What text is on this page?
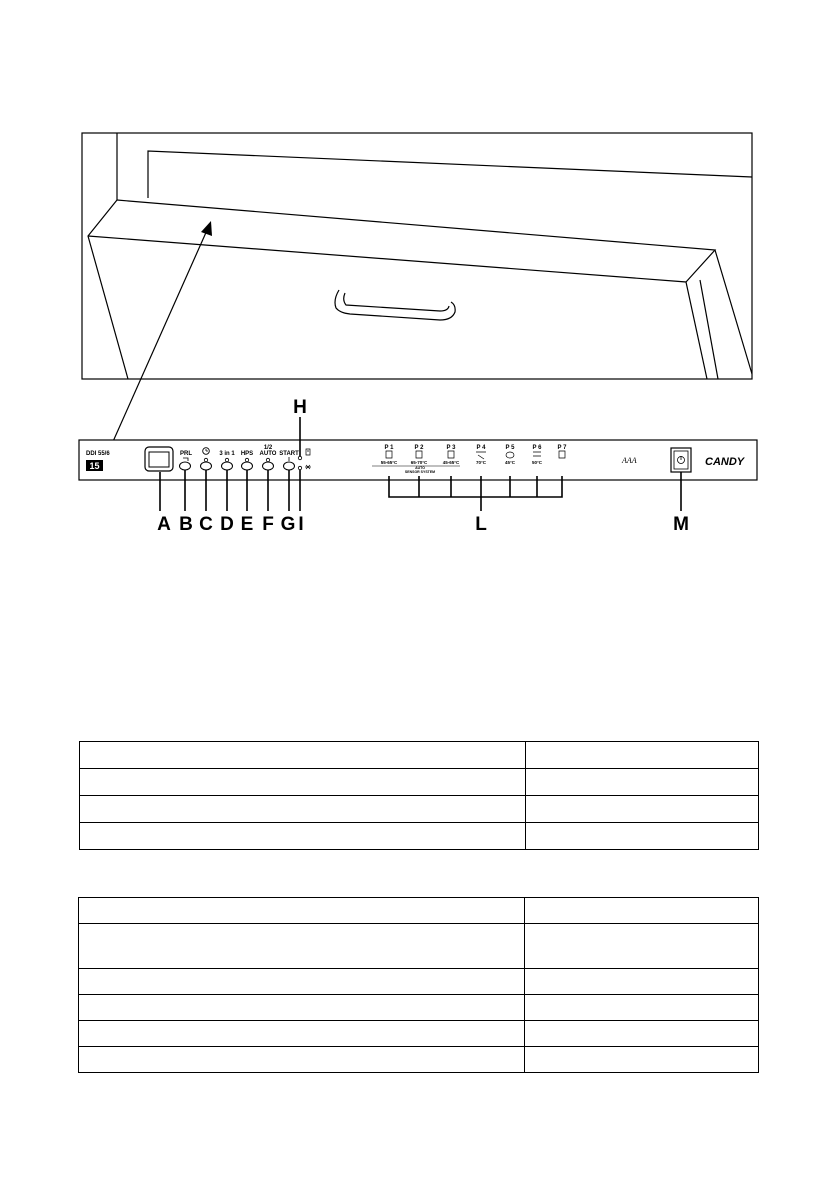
DDI 55/6
15
PRL	3 in 1 HPS
1/2
AUTO START
P 1	P 2	P 3	P 4	P 5	P 6	P 7
55-65°C	65-70°C	45-65°C	70°C	45°C	50°C
AUTO
SENSOR SYSTEM
AAA	CANDY
A B C D E F G I
H
L	M
